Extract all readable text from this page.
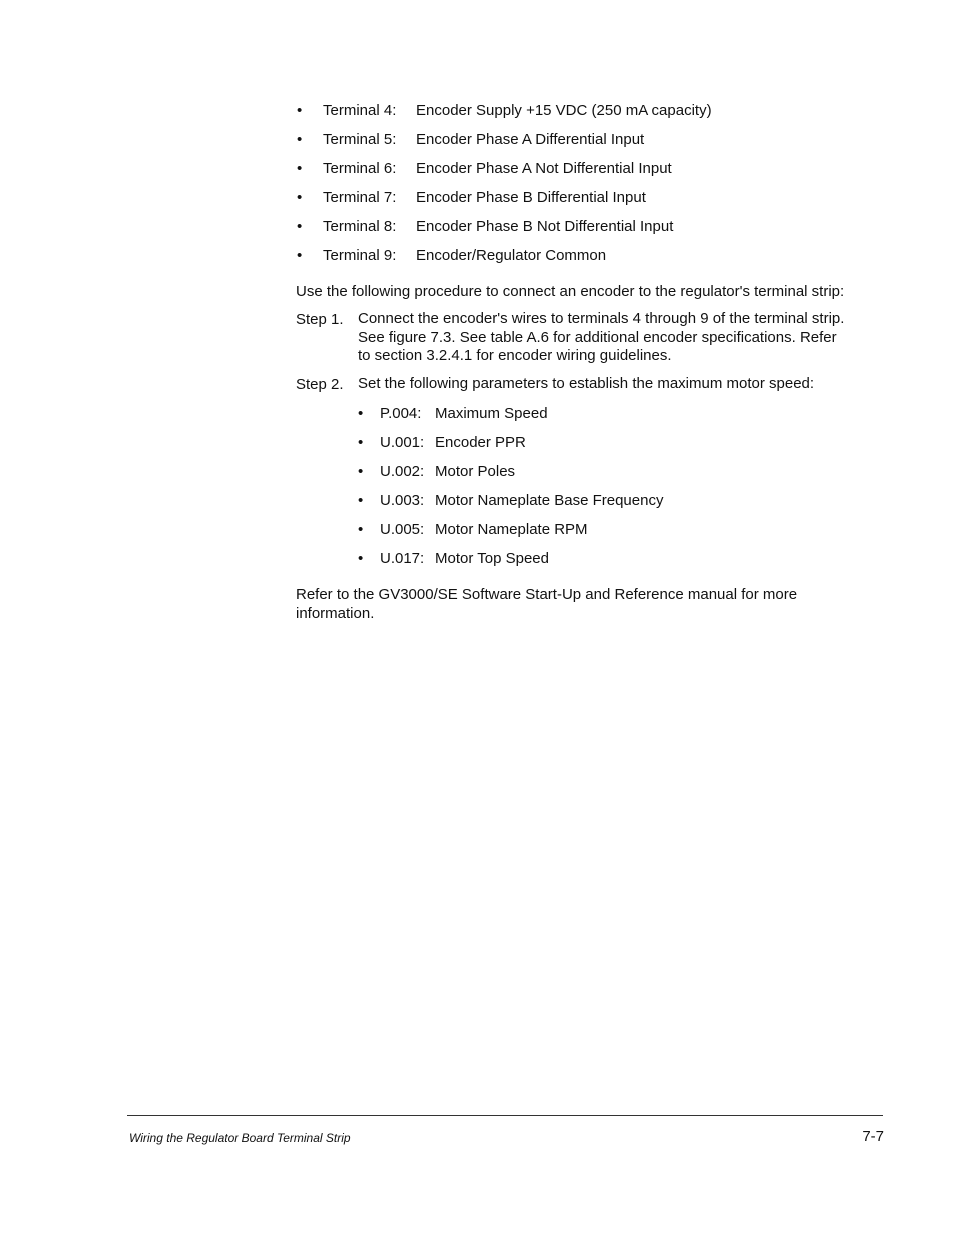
•	Terminal 4:	Encoder Supply +15 VDC (250 mA capacity)
•	Terminal 5:	Encoder Phase A Differential Input
•	Terminal 6:	Encoder Phase A Not Differential Input
•	Terminal 7:	Encoder Phase B Differential Input
•	Terminal 8:	Encoder Phase B Not Differential Input
•	Terminal 9:	Encoder/Regulator Common

Use the following procedure to connect an encoder to the regulator's terminal strip:

Step 1. Connect the encoder's wires to terminals 4 through 9 of the terminal strip.
See figure 7.3. See table A.6 for additional encoder specifications. Refer
to section 3.2.4.1 for encoder wiring guidelines.
Step 2. Set the following parameters to establish the maximum motor speed:
•	P.004: Maximum Speed
•	U.001: Encoder PPR
•	U.002: Motor Poles
•	U.003: Motor Nameplate Base Frequency
•	U.005: Motor Nameplate RPM
•	U.017: Motor Top Speed
Refer to the GV3000/SE Software Start-Up and Reference manual for more
information.
Wiring the Regulator Board Terminal Strip	7-7
